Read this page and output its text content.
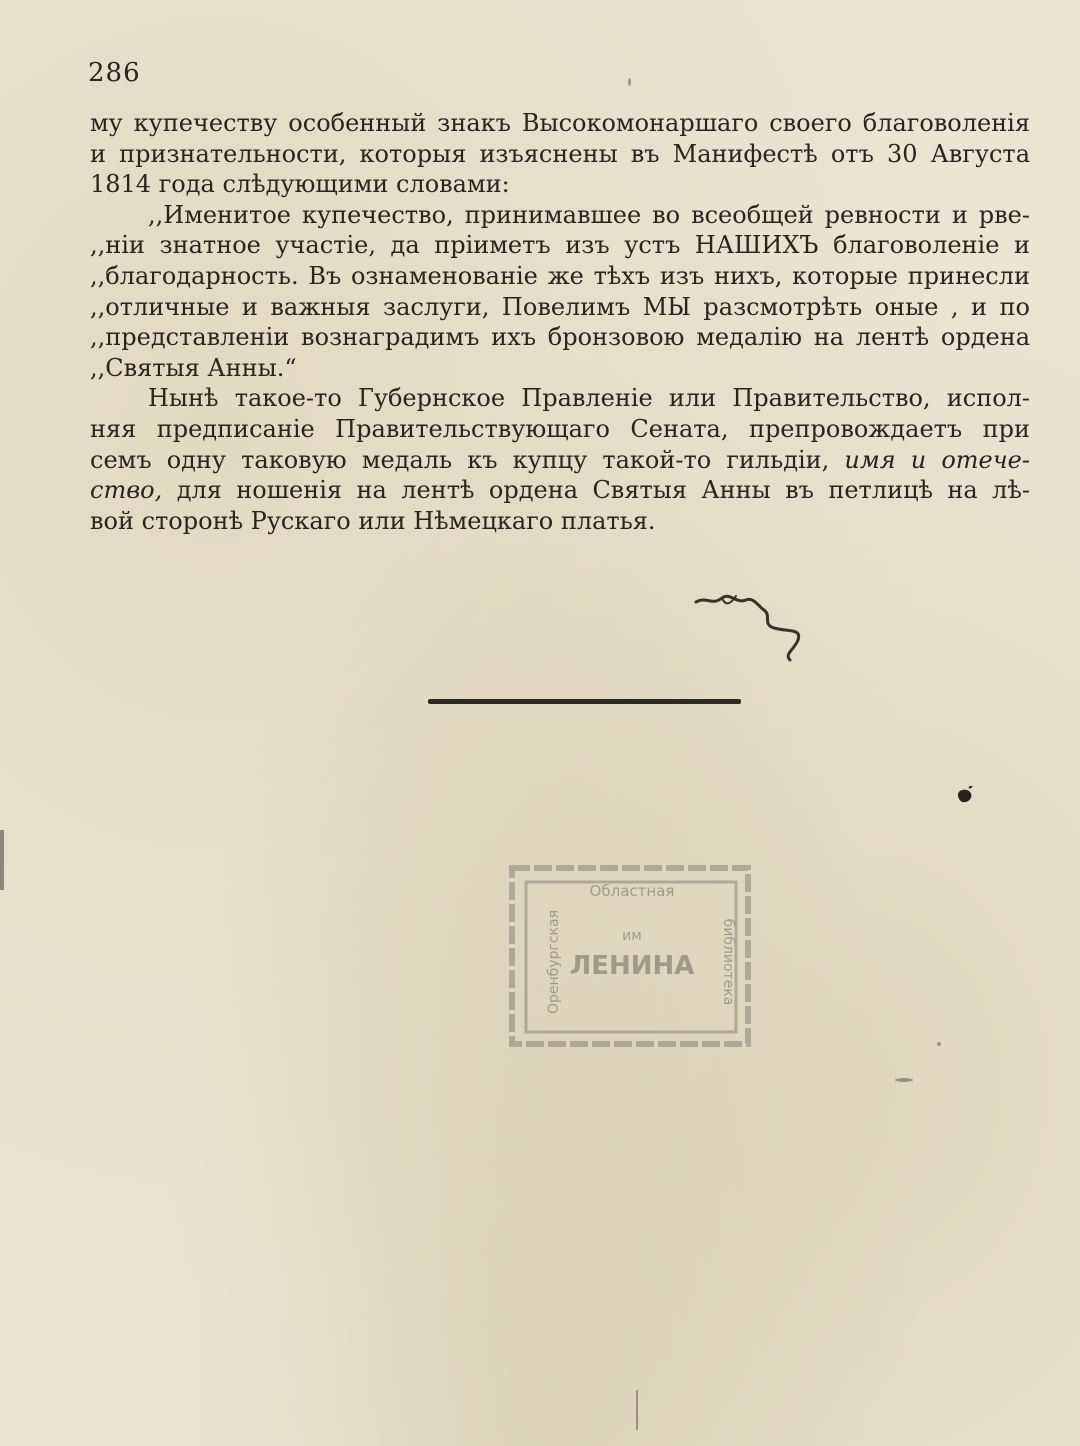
286
му купечеству особенный знакъ Высокомонаршаго своего благоволенія
и признательности, которыя изъяснены въ Манифестѣ отъ 30 Августа
1814 года слѣдующими словами:
,,Именитое купечество, принимавшее во всеобщей ревности и рве-
,,ніи знатное участіе, да пріиметъ изъ устъ НАШИХЪ благоволеніе и
,,благодарность. Въ ознаменованіе же тѣхъ изъ нихъ, которые принесли
,,отличные и важныя заслуги, Повелимъ МЫ разсмотрѣть оные , и по
,,представленіи вознаградимъ ихъ бронзовою медалію на лентѣ ордена
,,Святыя Анны.“
Нынѣ такое-то Губернское Правленіе или Правительство, испол-
няя предписаніе Правительствующаго Сената, препровождаетъ при
семъ одну таковую медаль къ купцу такой-то гильдіи, имя и отече-
ство, для ношенія на лентѣ ордена Святыя Анны въ петлицѣ на лѣ-
вой сторонѣ Рускаго или Нѣмецкаго платья.
Областная
Оренбургская	библиотека
им
ЛЕНИНА
